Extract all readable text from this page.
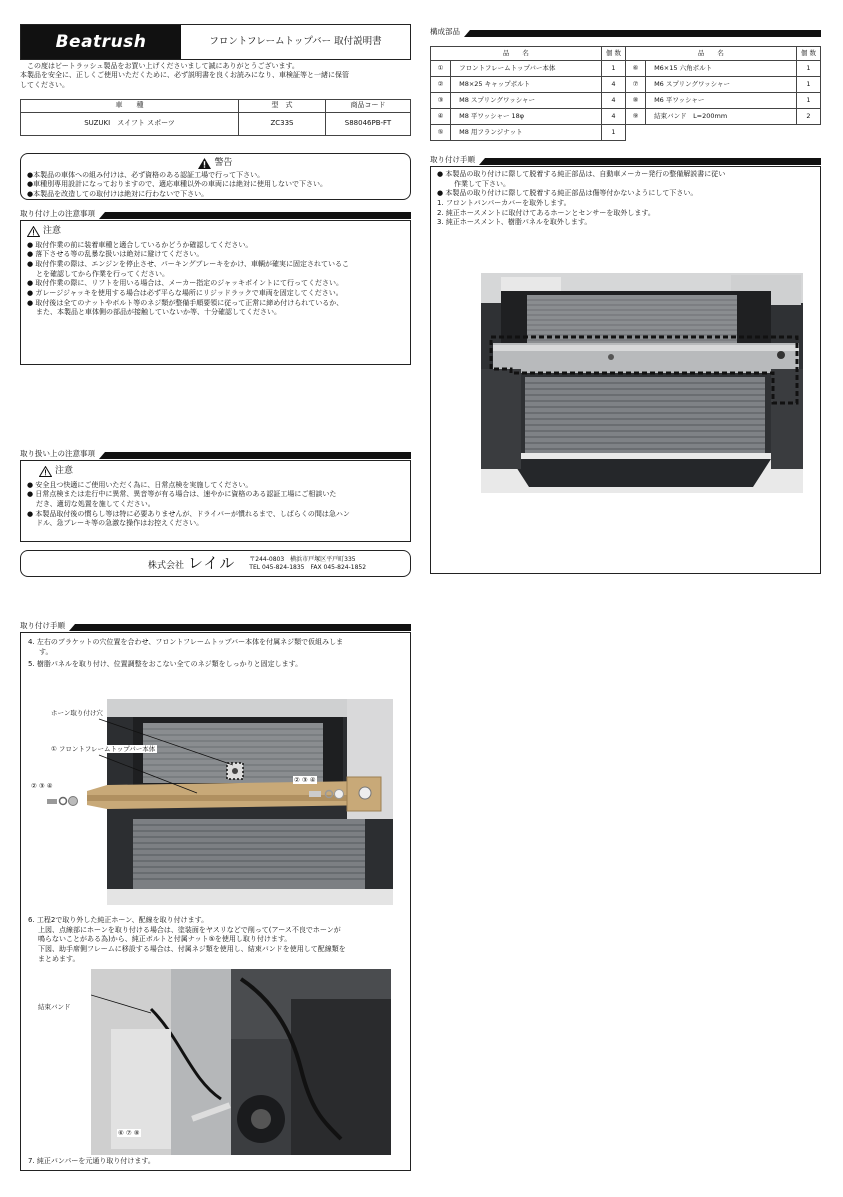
Beatrush	フロントフレームトップバー 取付説明書
この度はビートラッシュ製品をお買い上げくださいまして誠にありがとうございます。
本製品を安全に、正しくご使用いただくために、必ず説明書を良くお読みになり、車検証等と一緒に保管
してください。
車　　種	型　式	商品コード
SUZUKI　スイフト スポーツ	ZC33S	S88046PB-FT
警告
●本製品の車体への組み付けは、必ず資格のある認証工場で行って下さい。
●車種別専用設計になっておりますので、適応車種以外の車両には絶対に使用しないで下さい。
●本製品を改造しての取付けは絶対に行わないで下さい。
取り付け上の注意事項
注意
● 取付作業の前に装着車種と適合しているかどうか確認してください。
● 落下させる等の乱暴な扱いは絶対に避けてください。
● 取付作業の際は、エンジンを停止させ、パーキングブレーキをかけ、車輌が確実に固定されているこ
とを確認してから作業を行ってください。
● 取付作業の際に、リフトを用いる場合は、メーカー指定のジャッキポイントにて行ってください。
● ガレージジャッキを使用する場合は必ず平らな場所にリジッドラックで車両を固定してください。
● 取付後は全てのナットやボルト等のネジ類が整備手順要領に従って正常に締め付けられているか、
また、本製品と車体側の部品が接触していないか等、十分確認してください。
取り扱い上の注意事項
注意
● 安全且つ快適にご使用いただく為に、日常点検を実施してください。
● 日常点検または走行中に異常、異音等が有る場合は、速やかに資格のある認証工場にご相談いた
だき、適切な処置を施してください。
● 本製品取付後の慣らし等は特に必要ありませんが、ドライバーが慣れるまで、しばらくの間は急ハン
ドル、急ブレーキ等の急激な操作はお控えください。
株式会社 レイル 〒244-0803　横浜市戸塚区平戸町335
TEL 045-824-1835　FAX 045-824-1852
構成部品
品　　名		個 数	品　　名		個 数
①	フロントフレームトップバー本体	1	⑥	M6×15 六角ボルト	1
②	M8×25 キャップボルト	4	⑦	M6 スプリングワッシャー	1
③	M8 スプリングワッシャー	4	⑧	M6 平ワッシャー	1
④	M8 平ワッシャー 18φ	4	⑨	結束バンド　L=200mm	2
⑤	M8 用フランジナット	1			
取り付け手順
● 本製品の取り付けに際して脱着する純正部品は、自動車メーカー発行の整備解説書に従い
作業して下さい。
● 本製品の取り付けに際して脱着する純正部品は傷等付かないようにして下さい。
1. フロントバンパーカバーを取外します。
2. 純正ホースメントに取付けてあるホーンとセンサーを取外します。
3. 純正ホースメント、樹脂パネルを取外します。
取り付け手順
4. 左右のブラケットの穴位置を合わせ、フロントフレームトップバー本体を付属ネジ類で仮組みしま
す。
5. 樹脂パネルを取り付け、位置調整をおこない全てのネジ類をしっかりと固定します。
ホーン取り付け穴
① フロントフレームトップバー本体
② ③ ④
② ③ ④
6. 工程2で取り外した純正ホーン、配線を取り付けます。
上図、点線部にホーンを取り付ける場合は、塗装面をヤスリなどで削って(アース不良でホーンが
鳴らないことがある為)から、純正ボルトと付属ナット⑤を使用し取り付けます。
下図、助手席側フレームに移設する場合は、付属ネジ類を使用し、結束バンドを使用して配線類を
まとめます。
結束バンド
⑥ ⑦ ⑧
7. 純正バンパーを元通り取り付けます。
